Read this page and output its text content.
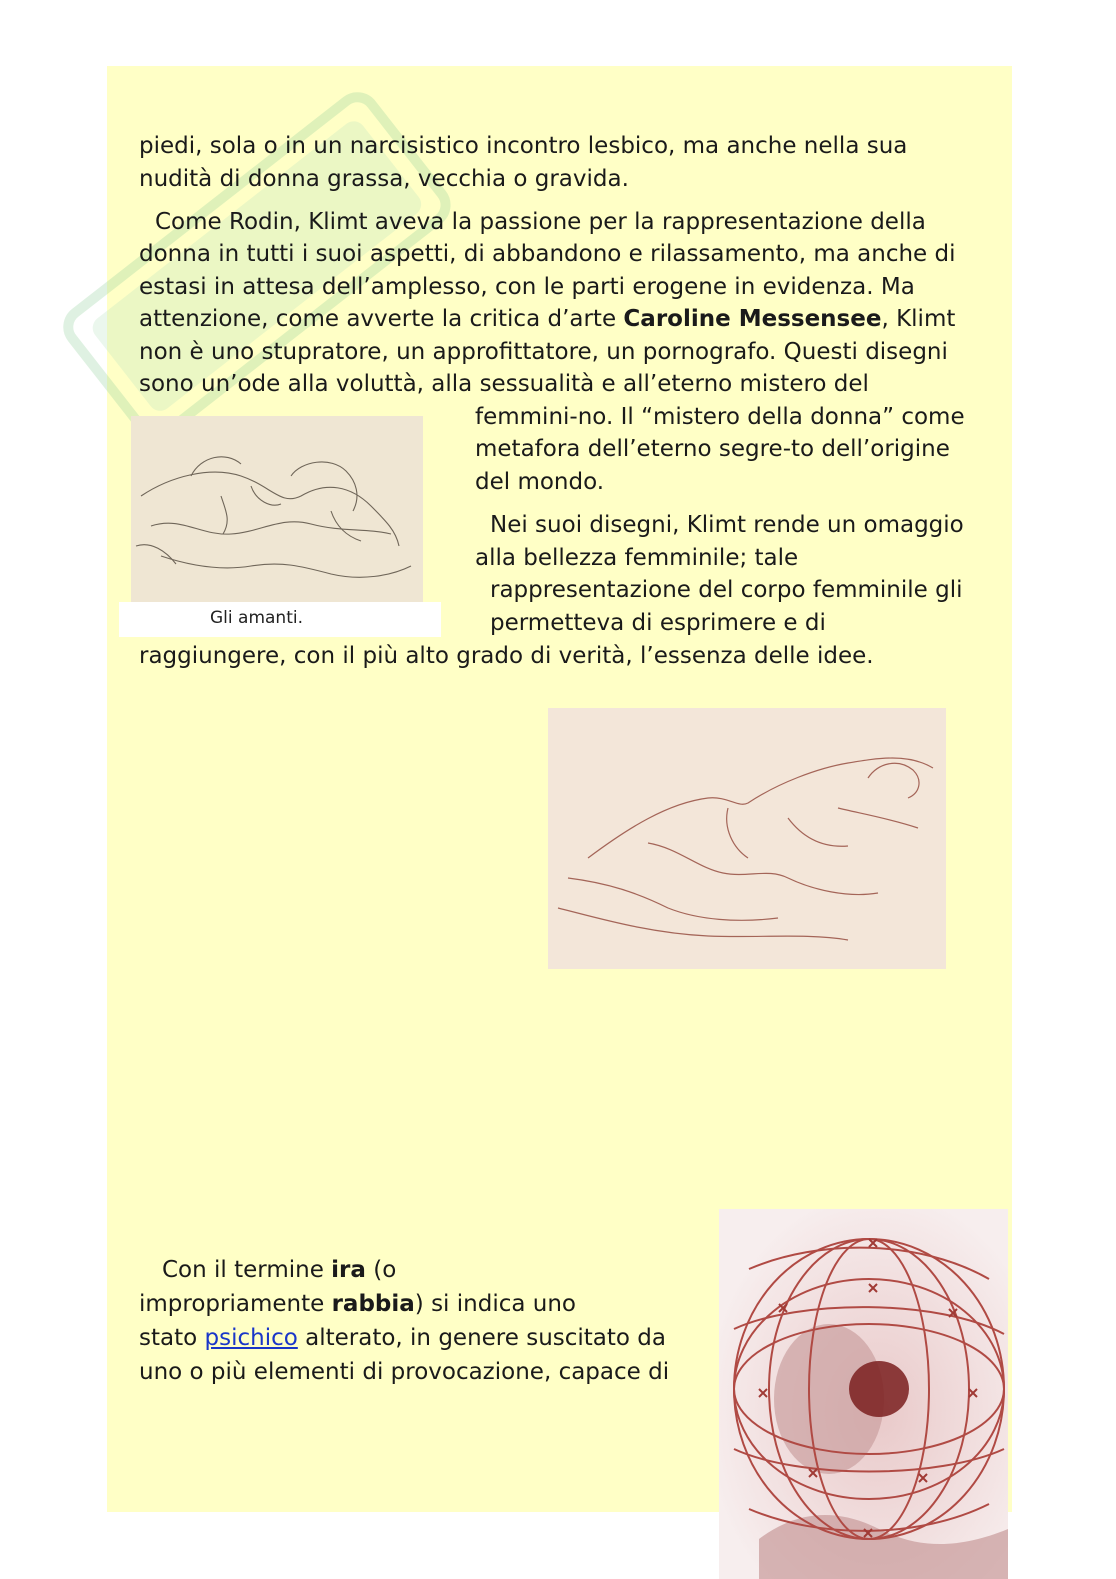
piedi, sola o in un narcisistico incontro lesbico, ma anche nella sua

nudità di donna grassa, vecchia o gravida.

Come Rodin, Klimt aveva la passione per la rappresentazione della

donna in tutti i suoi aspetti, di abbandono e rilassamento, ma anche di

estasi in attesa dell’amplesso, con le parti erogene in evidenza. Ma

attenzione, come avverte la critica d’arte Caroline Messensee, Klimt

non è uno stupratore, un approfittatore, un pornografo. Questi disegni

sono un’ode alla voluttà, alla sessualità e all’eterno mistero del

femmini-no. Il “mistero della donna” come

metafora dell’eterno segre-to dell’origine

del mondo.

Gli amanti.

Nei suoi disegni, Klimt rende un omaggio

alla bellezza femminile; tale

rappresentazione del corpo femminile gli

permetteva di esprimere e di

raggiungere, con il più alto grado di verità, l’essenza delle idee.

Con il termine ira (o

impropriamente rabbia) si indica uno

stato psichico alterato, in genere suscitato da

uno o più elementi di provocazione, capace di
